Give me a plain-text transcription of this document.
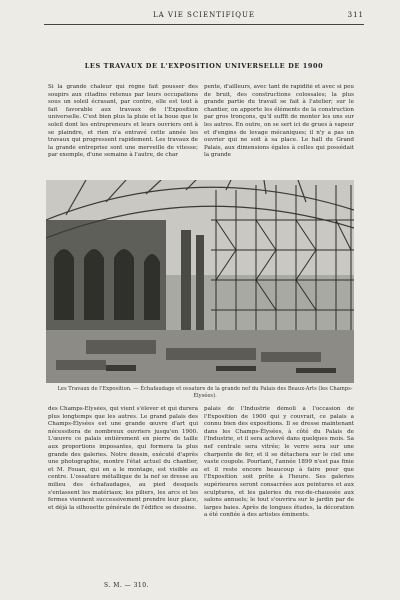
LA VIE SCIENTIFIQUE	311
LES TRAVAUX DE L'EXPOSITION UNIVERSELLE DE 1900

Si la grande chaleur qui règne fait pousser des soupirs aux citadins retenus par leurs occupations sous un soleil écrasant, par contre, elle est tout à fait favorable aux travaux de l'Exposition universelle. C'est bien plus la pluie et la boue que le soleil dont les entrepreneurs et leurs ouvriers ont à se plaindre, et rien n'a entravé cette année les travaux qui progressent rapidement. Les travaux de la grande entreprise sont une merveille de vitesse; par exemple, d'une semaine à l'autre, de char

pente, d'ailleurs, avec tant de rapidité et avec si peu de bruit, des constructions colossales; la plus grande partie du travail se fait à l'atelier; sur le chantier, on apporte les éléments de la construction par gros tronçons, qu'il suffit de monter les uns sur les autres. En outre, on se sert ici de grues à vapeur et d'engins de levage mécaniques; il n'y a pas un ouvrier qui ne soit à sa place. Le hall du Grand Palais, aux dimensions égales à celles qui possédait la grande

Les Travaux de l'Exposition. — Échafaudage et ossature de la grande nef du Palais des Beaux-Arts (les Champs-Élysées).

des Champs-Élysées, qui vient s'élever et qui durera plus longtemps que les autres. Le grand palais des Champs-Élysées est une grande œuvre d'art qui nécessitera de nombreux ouvriers jusqu'en 1900. L'œuvre ce palais entièrement en pierre de taille aux proportions imposantes, qui formera la plus grande des galeries. Notre dessin, exécuté d'après une photographie, montre l'état actuel du chantier, et M. Fouan, qui en a le montage, est visible au centre. L'ossature métallique de la nef se dresse au milieu des échafaudages, au pied desquels s'entassent les matériaux; les piliers, les arcs et les fermes viennent successivement prendre leur place, et déjà la silhouette générale de l'édifice se dessine.

palais de l'Industrie démoli à l'occasion de l'Exposition de 1900 qui y couvrait, ce palais a connu bien des expositions. Il se dresse maintenant dans les Champs-Élysées, à côté du Palais de l'Industrie, et il sera achevé dans quelques mois. Sa nef centrale sera vitrée; le verre sera sur une charpente de fer, et il se détachera sur le ciel une vaste coupole. Pourtant, l'année 1899 n'est pas finie et il reste encore beaucoup à faire pour que l'Exposition soit prête à l'heure. Ses galeries supérieures seront consacrées aux peintures et aux sculptures, et les galeries du rez-de-chaussée aux salons annuels; le tout s'ouvrira sur le jardin par de larges baies. Après de longues études, la décoration a été confiée à des artistes éminents.

S. M. — 310.
